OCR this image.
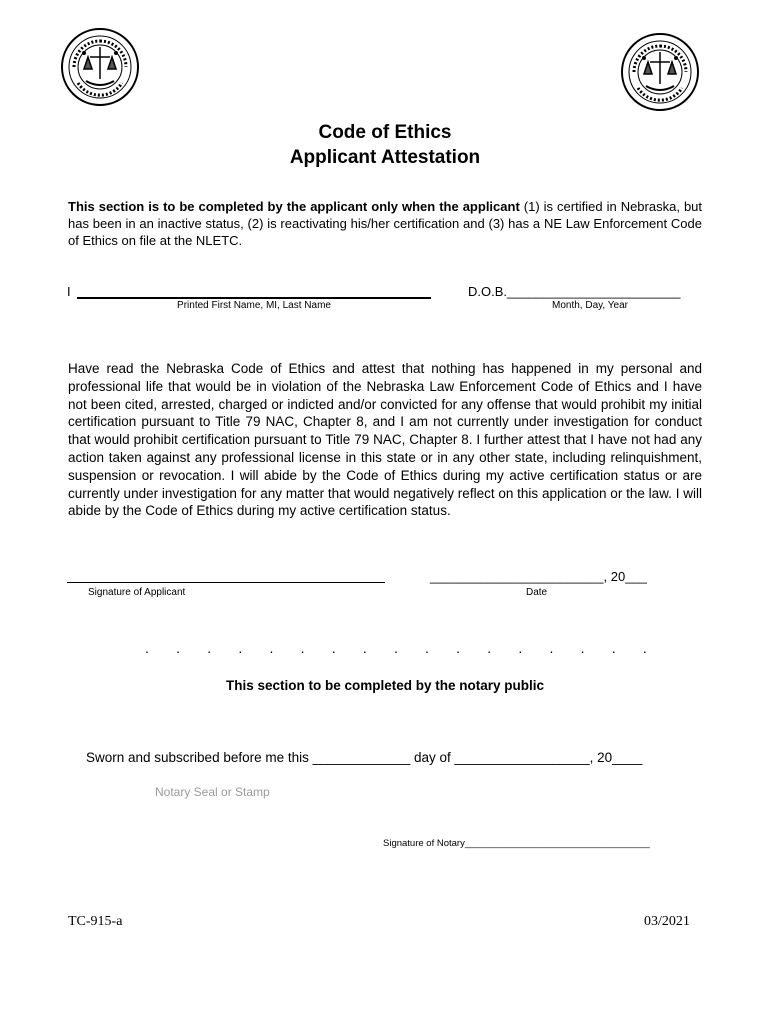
Code of Ethics
Applicant Attestation
This section is to be completed by the applicant only when the applicant (1) is certified in Nebraska, but has been in an inactive status, (2) is reactivating his/her certification and (3) has a NE Law Enforcement Code of Ethics on file at the NLETC.
I
Printed First Name, MI, Last Name
D.O.B.________________________
Month, Day, Year
Have read the Nebraska Code of Ethics and attest that nothing has happened in my personal and professional life that would be in violation of the Nebraska Law Enforcement Code of Ethics and I have not been cited, arrested, charged or indicted and/or convicted for any offense that would prohibit my initial certification pursuant to Title 79 NAC, Chapter 8, and I am not currently under investigation for conduct that would prohibit certification pursuant to Title 79 NAC, Chapter 8. I further attest that I have not had any action taken against any professional license in this state or in any other state, including relinquishment, suspension or revocation. I will abide by the Code of Ethics during my active certification status or are currently under investigation for any matter that would negatively reflect on this application or the law. I will abide by the Code of Ethics during my active certification status.
Signature of Applicant
________________________, 20___
Date
.       .       .       .       .       .       .       .       .       .       .       .       .       .       .       .       .
This section to be completed by the notary public
Sworn and subscribed before me this _____________ day of __________________, 20____
Notary Seal or Stamp
Signature of Notary___________________________________
TC-915-a	03/2021
